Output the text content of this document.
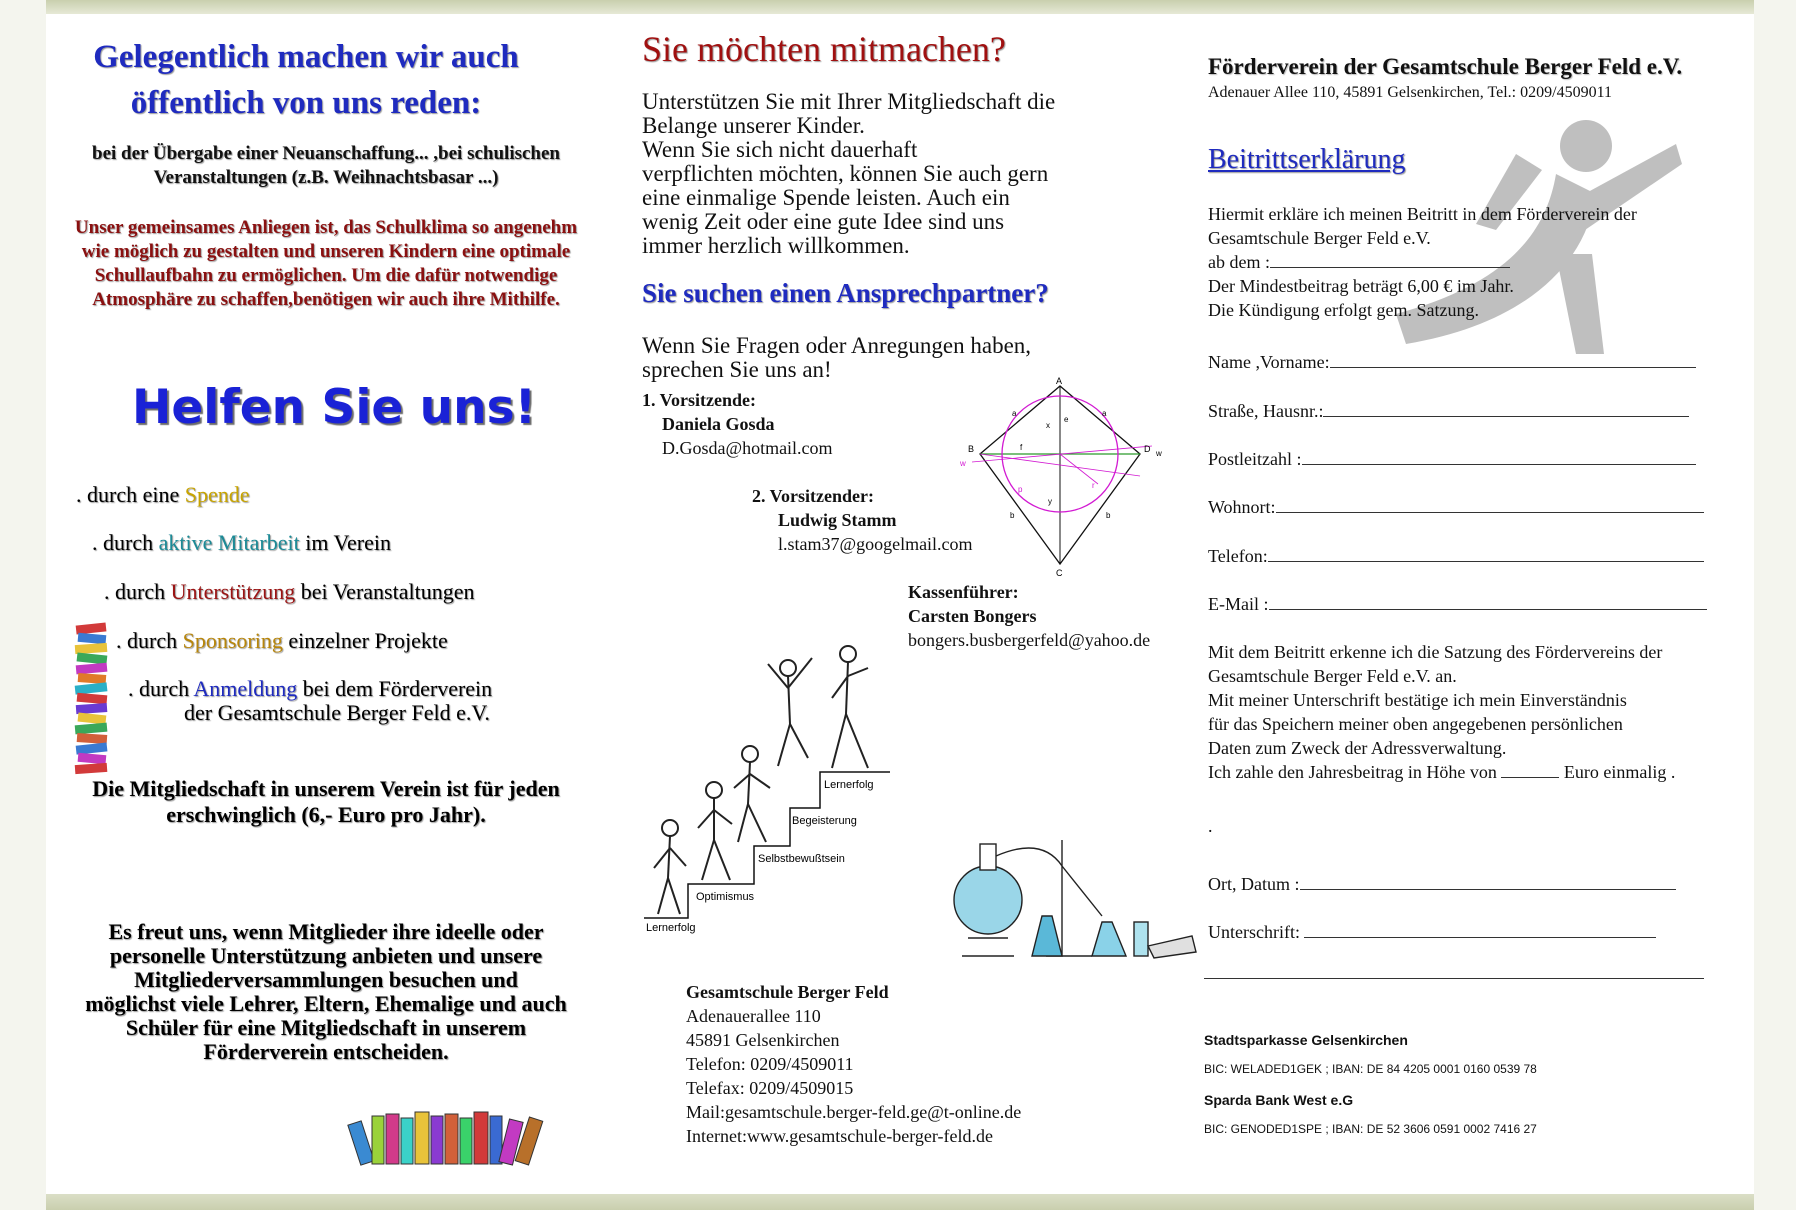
Gelegentlich machen wir auch
öffentlich von uns reden:
bei der Übergabe einer Neuanschaffung... ,bei schulischen
Veranstaltungen (z.B. Weihnachtsbasar ...)
Unser gemeinsames Anliegen ist, das Schulklima so angenehm
wie möglich zu gestalten und unseren Kindern eine optimale
Schullaufbahn zu ermöglichen. Um die dafür notwendige
Atmosphäre zu schaffen,benötigen wir auch ihre Mithilfe.
Helfen Sie uns!
. durch eine Spende
. durch aktive Mitarbeit im Verein
. durch Unterstützung bei Veranstaltungen
. durch Sponsoring einzelner Projekte
. durch Anmeldung bei dem Förderverein
der Gesamtschule Berger Feld e.V.
Die Mitgliedschaft in unserem Verein ist für jeden
erschwinglich (6,- Euro pro Jahr).
Es freut uns, wenn Mitglieder ihre ideelle oder
personelle Unterstützung anbieten und unsere
Mitgliederversammlungen besuchen und
möglichst viele Lehrer, Eltern, Ehemalige und auch
Schüler für eine Mitgliedschaft in unserem
Förderverein entscheiden.
Sie möchten mitmachen?
Unterstützen Sie mit Ihrer Mitgliedschaft die
Belange unserer Kinder.
Wenn Sie sich nicht dauerhaft
verpflichten möchten, können Sie auch gern
eine einmalige Spende leisten. Auch ein
wenig Zeit oder eine gute Idee sind uns
immer herzlich willkommen.
Sie suchen einen Ansprechpartner?
Wenn Sie Fragen oder Anregungen haben,
sprechen Sie uns an!
1. Vorsitzende:
Daniela Gosda
D.Gosda@hotmail.com
2. Vorsitzender:
Ludwig Stamm
l.stam37@googelmail.com
Kassenführer:
Carsten Bongers
bongers.busbergerfeld@yahoo.de
A
B
C
D
x
e
f
y
r
p
a	a
b	b
w
w
Lernerfolg
Optimismus
Selbstbewußtsein
Begeisterung
Lernerfolg
Gesamtschule Berger Feld
Adenauerallee 110
45891 Gelsenkirchen
Telefon: 0209/4509011
Telefax: 0209/4509015
Mail:gesamtschule.berger-feld.ge@t-online.de
Internet:www.gesamtschule-berger-feld.de
Förderverein der Gesamtschule Berger Feld e.V.
Adenauer Allee 110, 45891 Gelsenkirchen, Tel.: 0209/4509011
Beitrittserklärung
Hiermit erkläre ich meinen Beitritt in dem Förderverein der
Gesamtschule Berger Feld e.V.
ab dem :
Der Mindestbeitrag beträgt 6,00 € im Jahr.
Die Kündigung erfolgt gem. Satzung.
Name ,Vorname:
Straße, Hausnr.:
Postleitzahl :
Wohnort:
Telefon:
E-Mail :
Mit dem Beitritt erkenne ich die Satzung des Fördervereins der
Gesamtschule Berger Feld e.V. an.
Mit meiner Unterschrift bestätige ich mein Einverständnis
für das Speichern meiner oben angegebenen persönlichen
Daten zum Zweck der Adressverwaltung.
Ich zahle den Jahresbeitrag in Höhe von	Euro einmalig .
.
Ort, Datum :
Unterschrift:
Stadtsparkasse Gelsenkirchen
BIC: WELADED1GEK ; IBAN: DE 84 4205 0001 0160 0539 78
Sparda Bank West e.G
BIC: GENODED1SPE ; IBAN: DE 52 3606 0591 0002 7416 27
